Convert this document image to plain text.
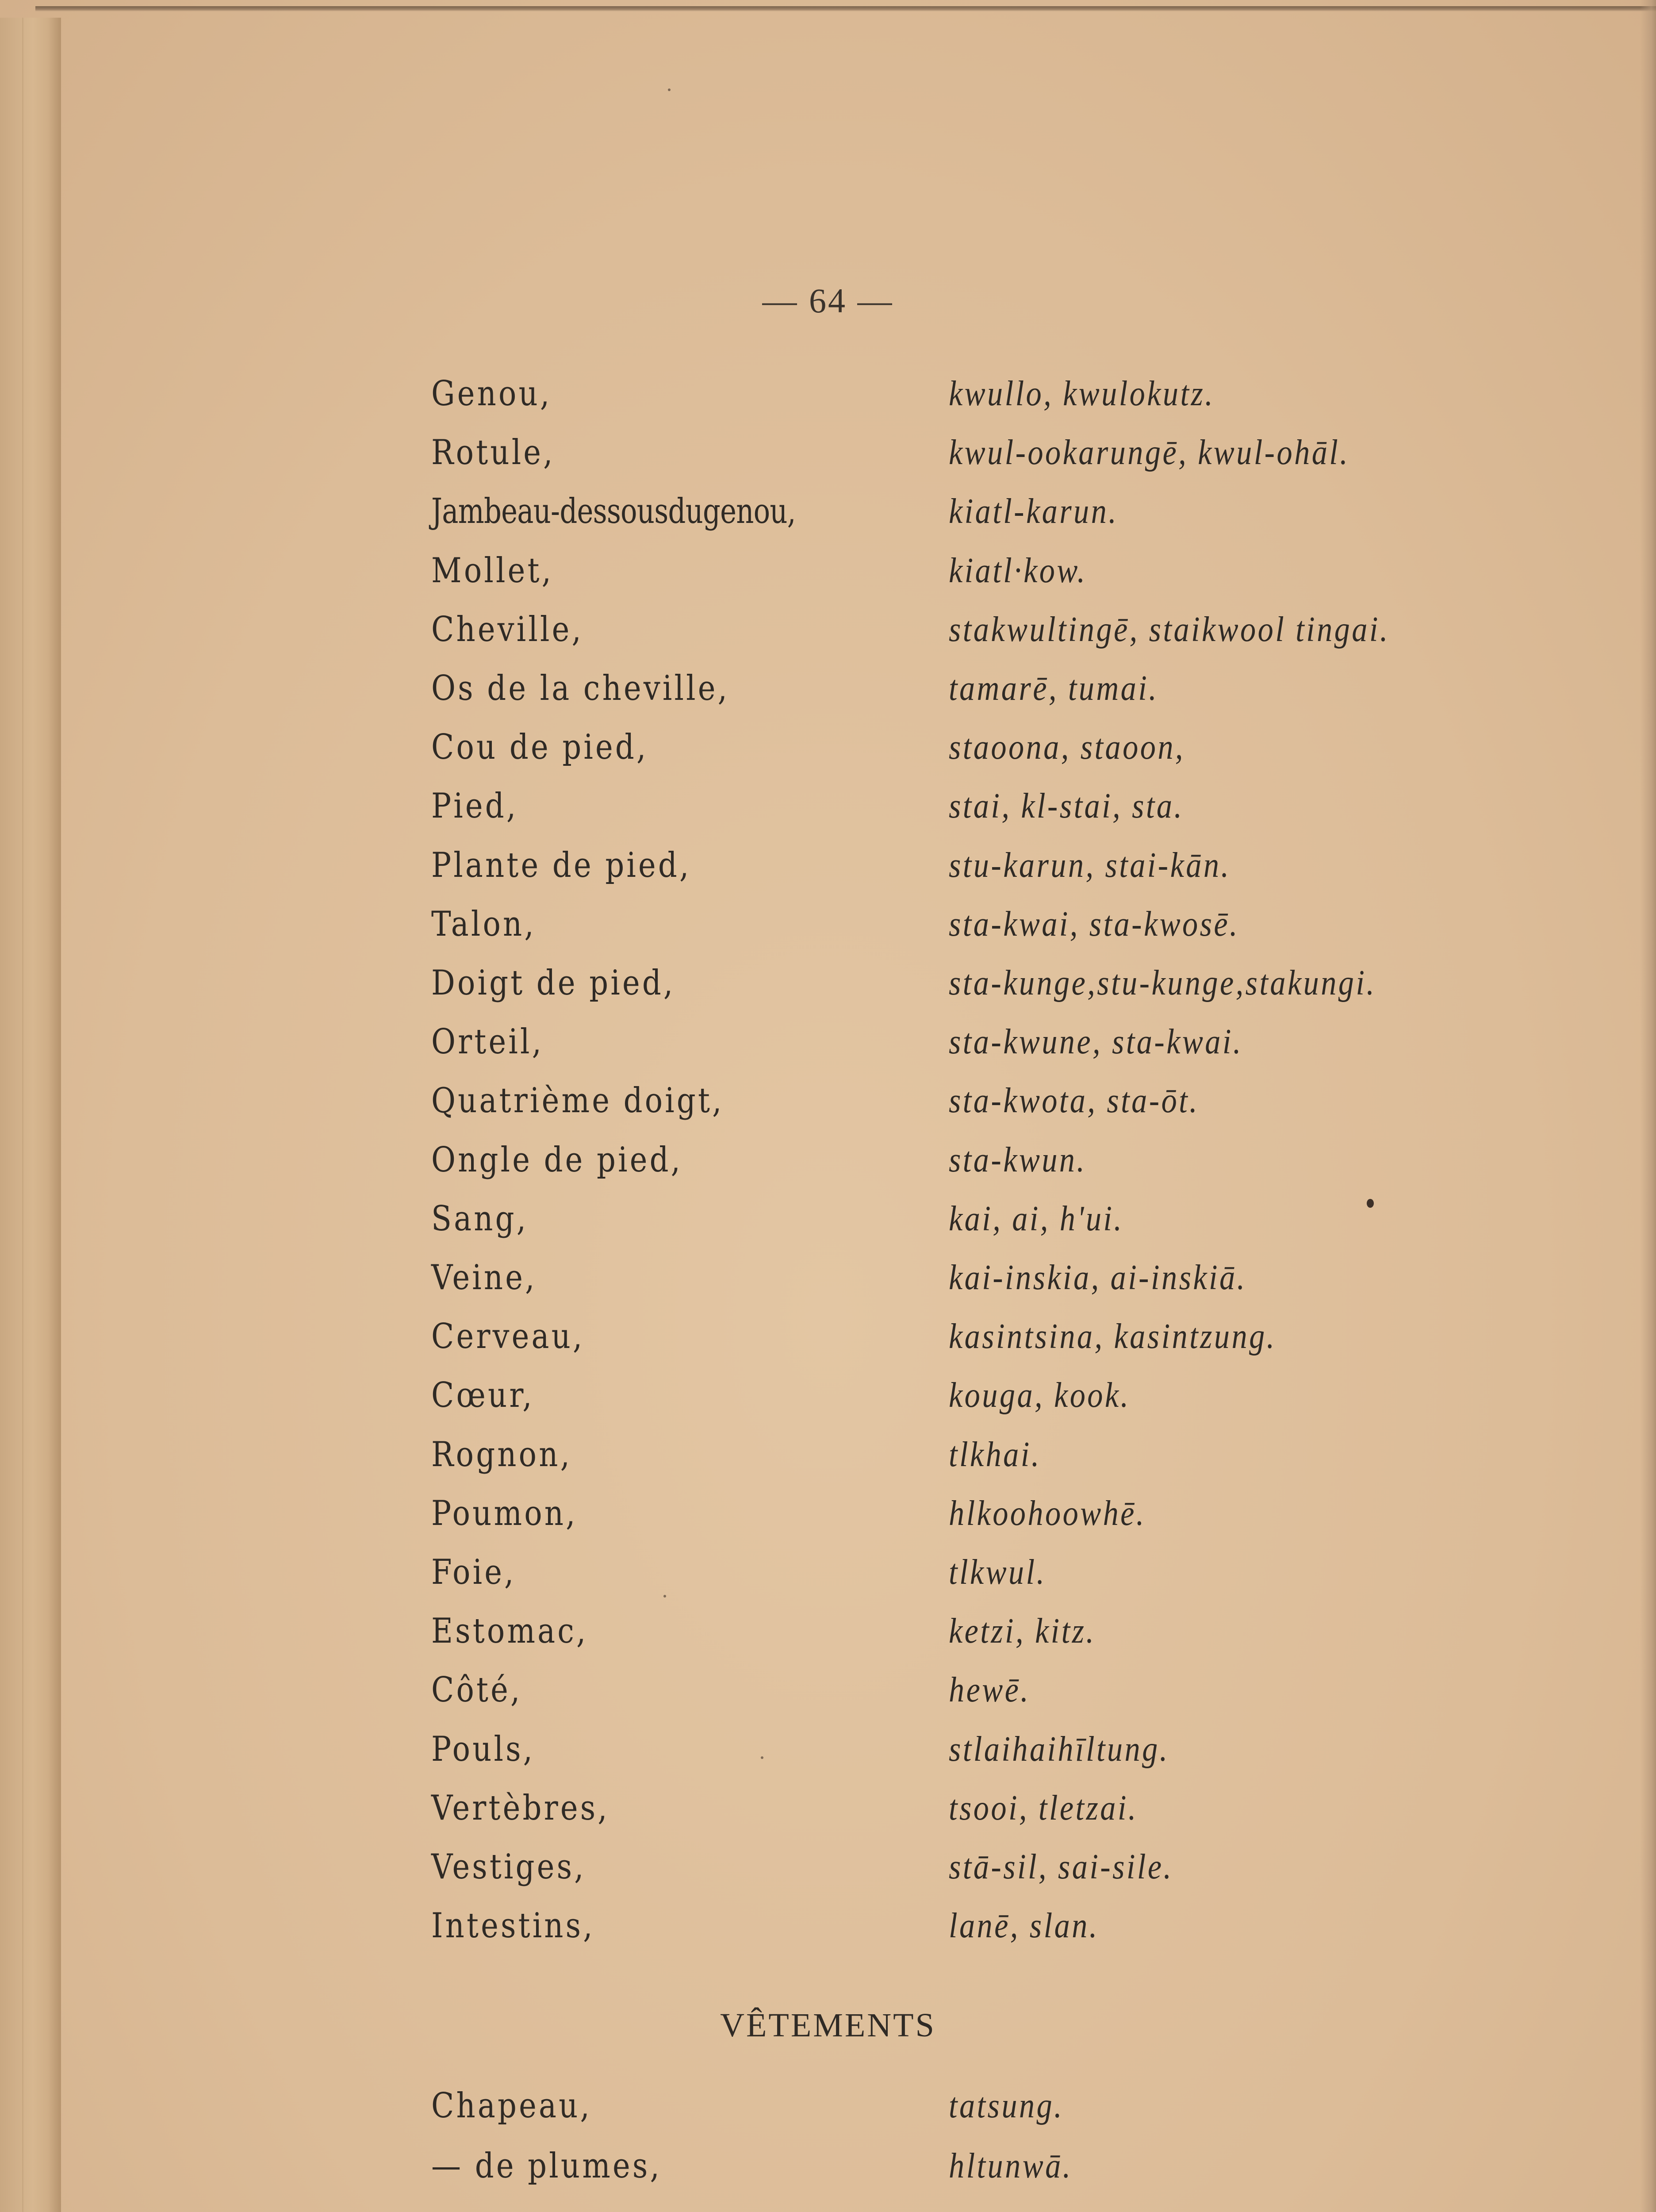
— 64 —
Genou,	kwullo, kwulokutz.
Rotule,	kwul-ookarungē, kwul-ohāl.
Jambeau-dessousdugenou,	kiatl-karun.
Mollet,	kiatl·kow.
Cheville,	stakwultingē, staikwool tingai.
Os de la cheville,	tamarē, tumai.
Cou de pied,	staoona, staoon,
Pied,	stai, kl-stai, sta.
Plante de pied,	stu-karun, stai-kān.
Talon,	sta-kwai, sta-kwosē.
Doigt de pied,	sta-kunge,stu-kunge,stakungi.
Orteil,	sta-kwune, sta-kwai.
Quatrième doigt,	sta-kwota, sta-ōt.
Ongle de pied,	sta-kwun.
Sang,	kai, ai, h'ui.
Veine,	kai-inskia, ai-inskiā.
Cerveau,	kasintsina, kasintzung.
Cœur,	kouga, kook.
Rognon,	tlkhai.
Poumon,	hlkoohoowhē.
Foie,	tlkwul.
Estomac,	ketzi, kitz.
Côté,	hewē.
Pouls,	stlaihaihīltung.
Vertèbres,	tsooi, tletzai.
Vestiges,	stā-sil, sai-sile.
Intestins,	lanē, slan.
VÊTEMENTS
Chapeau,	tatsung.
— de plumes,	hltunwā.
